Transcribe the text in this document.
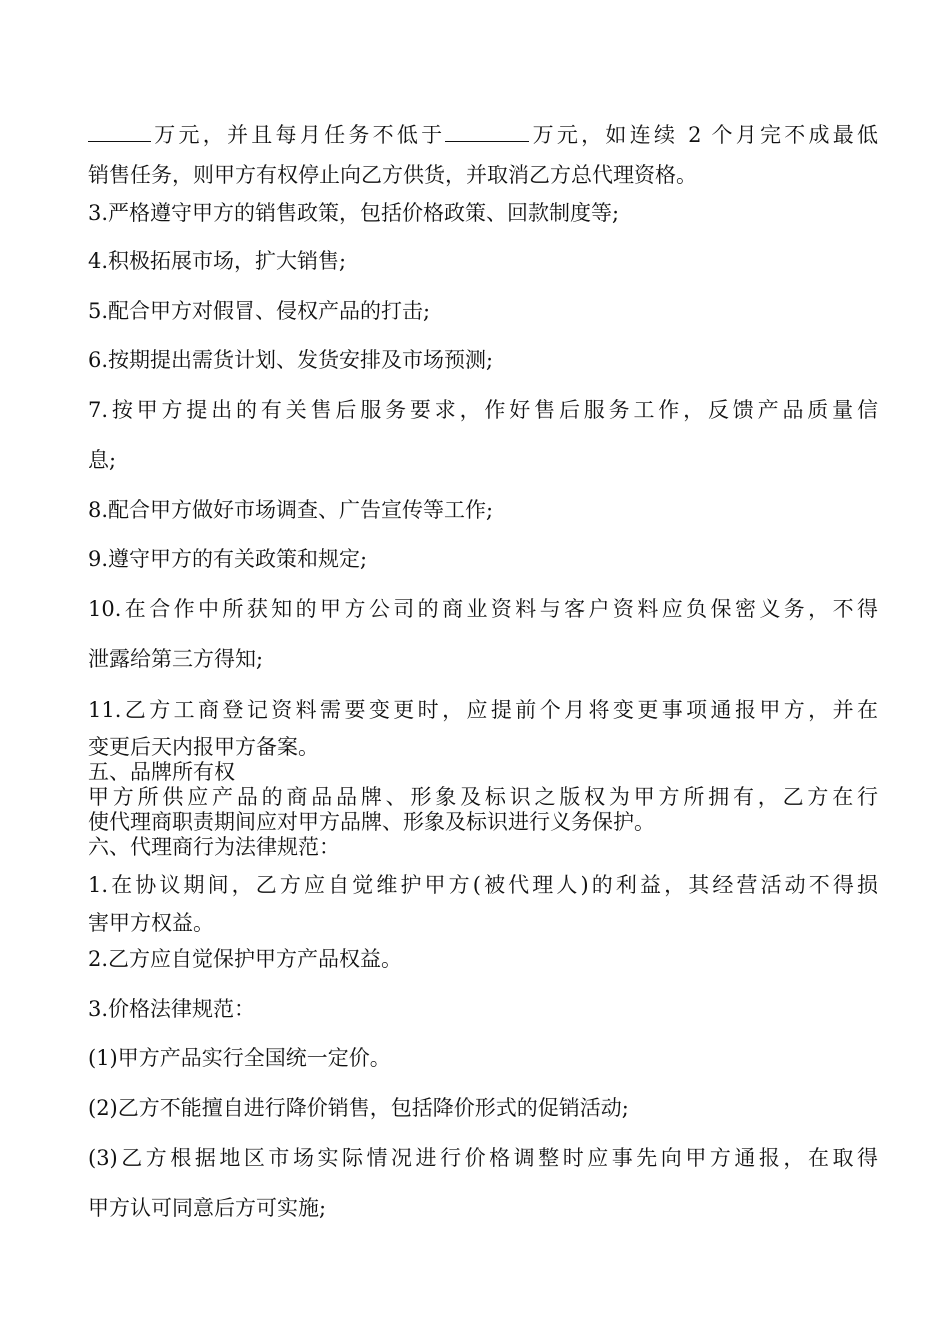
万元，并且每月任务不低于	万元，如连续 2 个月完不成最低

销售任务，则甲方有权停止向乙方供货，并取消乙方总代理资格。

3.严格遵守甲方的销售政策，包括价格政策、回款制度等;

4.积极拓展市场，扩大销售;

5.配合甲方对假冒、侵权产品的打击;

6.按期提出需货计划、发货安排及市场预测;

7.按甲方提出的有关售后服务要求，作好售后服务工作，反馈产品质量信

息;

8.配合甲方做好市场调查、广告宣传等工作;

9.遵守甲方的有关政策和规定;

10.在合作中所获知的甲方公司的商业资料与客户资料应负保密义务，不得

泄露给第三方得知;

11.乙方工商登记资料需要变更时，应提前个月将变更事项通报甲方，并在

变更后天内报甲方备案。

五、品牌所有权

甲方所供应产品的商品品牌、形象及标识之版权为甲方所拥有，乙方在行

使代理商职责期间应对甲方品牌、形象及标识进行义务保护。

六、代理商行为法律规范：

1.在协议期间，乙方应自觉维护甲方(被代理人)的利益，其经营活动不得损

害甲方权益。

2.乙方应自觉保护甲方产品权益。

3.价格法律规范：

(1)甲方产品实行全国统一定价。

(2)乙方不能擅自进行降价销售，包括降价形式的促销活动;

(3)乙方根据地区市场实际情况进行价格调整时应事先向甲方通报，在取得

甲方认可同意后方可实施;
